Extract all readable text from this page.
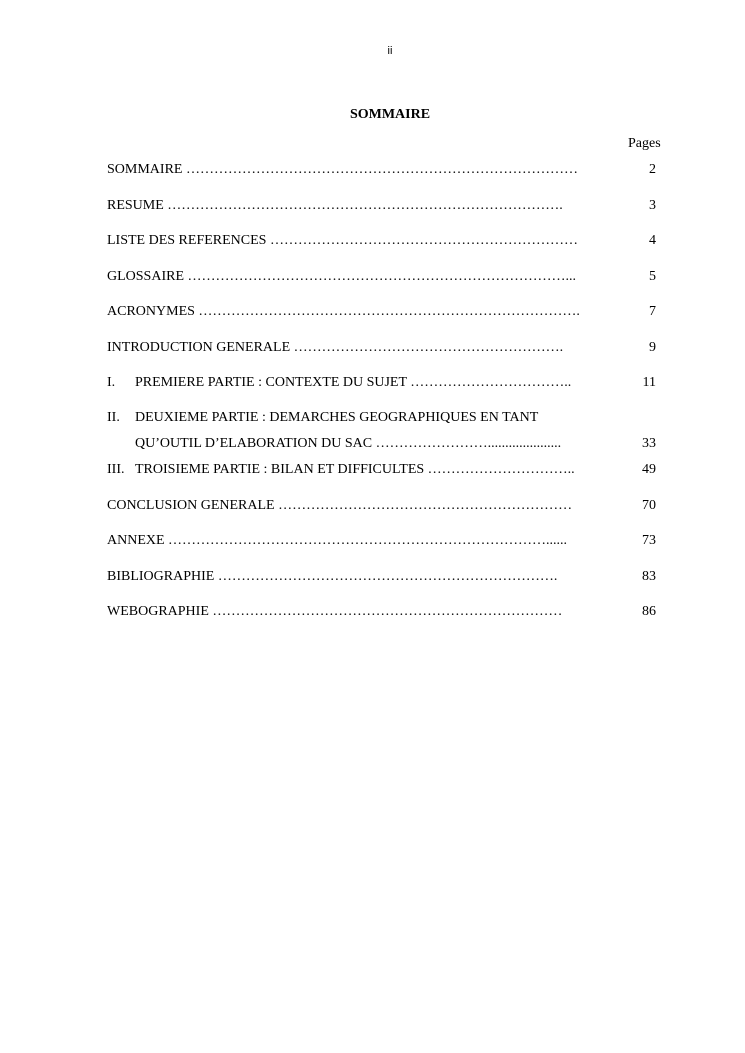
ii
SOMMAIRE
Pages
SOMMAIRE …………………………………………………………………………	2
RESUME ………………………………………………………………………….	3
LISTE DES REFERENCES …………………………………………………………	4
GLOSSAIRE ………………………………………………………………………...	5
ACRONYMES ……………………………………………………………………….	7
INTRODUCTION GENERALE ………………………………………………….	9
I. PREMIERE PARTIE : CONTEXTE DU SUJET ……………………………..	11
II. DEUXIEME PARTIE : DEMARCHES GEOGRAPHIQUES EN TANT
QU’OUTIL D’ELABORATION DU SAC …………………….....................	33
III. TROISIEME PARTIE : BILAN ET DIFFICULTES …………………………..	49
CONCLUSION GENERALE ………………………………………………………	70
ANNEXE ………………………………………………………………………......	73
BIBLIOGRAPHIE ……………………………………………………………….	83
WEBOGRAPHIE …………………………………………………………………	86
